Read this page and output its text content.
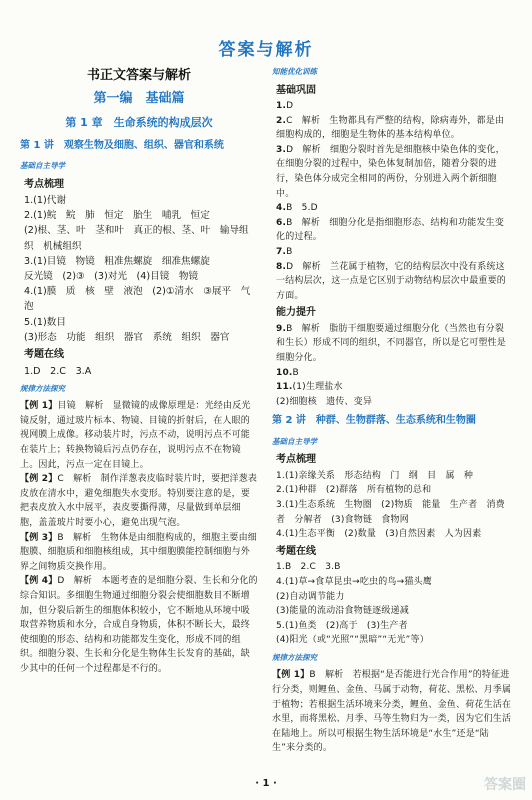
答案与解析
书正文答案与解析
第一编　基础篇
第 1 章　生命系统的构成层次
第 1 讲　观察生物及细胞、组织、器官和系统
基础自主导学
考点梳理

1.(1)代谢

2.(1)鲩　鲩　肺　恒定　胎生　哺乳　恒定

(2)根、茎、叶　茎和叶　真正的根、茎、叶　输导组织　机械组织

3.(1)目镜　物镜　粗准焦螺旋　细准焦螺旋

反光镜　(2)③　(3)对光　(4)目镜　物镜

4.(1)膜　质　核　壁　液泡　(2)①清水　③展平　气泡

5.(1)数目

(3)形态　功能　组织　器官　系统　组织　器官

考题在线

1.D　2.C　3.A

规律方法探究

【例 1】目镜　解析　显微镜的成像原理是：光经由反光镜反射，通过玻片标本、物镜、目镜的折射后，在人眼的视网膜上成像。移动装片时，污点不动，说明污点不可能在装片上；转换物镜后污点仍存在，说明污点不在物镜上。因此，污点一定在目镜上。

【例 2】C　解析　制作洋葱表皮临时装片时，要把洋葱表皮放在清水中，避免细胞失水变形。特别要注意的是，要把表皮放入水中展平，表皮要撕得薄，尽量做到单层细胞，盖盖玻片时要小心，避免出现气泡。

【例 3】B　解析　生物体是由细胞构成的，细胞主要由细胞膜、细胞质和细胞核组成，其中细胞膜能控制细胞与外界之间物质交换作用。

【例 4】D　解析　本题考查的是细胞分裂、生长和分化的综合知识。多细胞生物通过细胞分裂会使细胞数目不断增加，但分裂后新生的细胞体积较小，它不断地从环境中吸取营养物质和水分，合成自身物质，体积不断长大，最终使细胞的形态、结构和功能都发生变化，形成不同的组织。细胞分裂、生长和分化是生物体生长发育的基础，缺少其中的任何一个过程都是不行的。

知能优化训练
基础巩固

1.D

2.C　解析　生物都具有严整的结构，除病毒外，都是由细胞构成的，细胞是生物体的基本结构单位。

3.D　解析　细胞分裂时首先是细胞核中染色体的变化，在细胞分裂的过程中，染色体复制加倍，随着分裂的进行，染色体分成完全相同的两份，分别进入两个新细胞中。

4.B　5.D

6.B　解析　细胞分化是指细胞形态、结构和功能发生变化的过程。

7.B

8.D　解析　兰花属于植物，它的结构层次中没有系统这一结构层次，这一点是它区别于动物结构层次中最重要的方面。

能力提升

9.B　解析　脂肪干细胞要通过细胞分化（当然也有分裂和生长）形成不同的组织，不同器官，所以是它可塑性是细胞分化。

10.B

11.(1)生理盐水

(2)细胞核　遗传、变异

第 2 讲　种群、生物群落、生态系统和生物圈
基础自主导学
考点梳理

1.(1)亲缘关系　形态结构　门　纲　目　属　种

2.(1)种群　(2)群落　所有植物的总和

3.(1)生态系统　生物圈　(2)物质　能量　生产者　消费者　分解者　(3)食物链　食物网

4.(1)生态平衡　(2)数量　(3)自然因素　人为因素

考题在线

1.B　2.C　3.B

4.(1)草→食草昆虫→吃虫的鸟→猫头鹰

(2)自动调节能力

(3)能量的流动沿食物链逐级递减

5.(1)鱼类　(2)高于　(3)生产者

(4)阳光（或“光照”“黑暗”“无光”等）

规律方法探究

【例 1】B　解析　若根据“是否能进行光合作用”的特征进行分类，则鲤鱼、金鱼、马属于动物，荷花、黑松、月季属于植物；若根据生活环境来分类，鲤鱼、金鱼、荷花生活在水里，而将黑松、月季、马等生物归为一类，因为它们生活在陆地上。所以可根据生物生活环境是“水生”还是“陆生”来分类的。

· 1 ·	答案圈
